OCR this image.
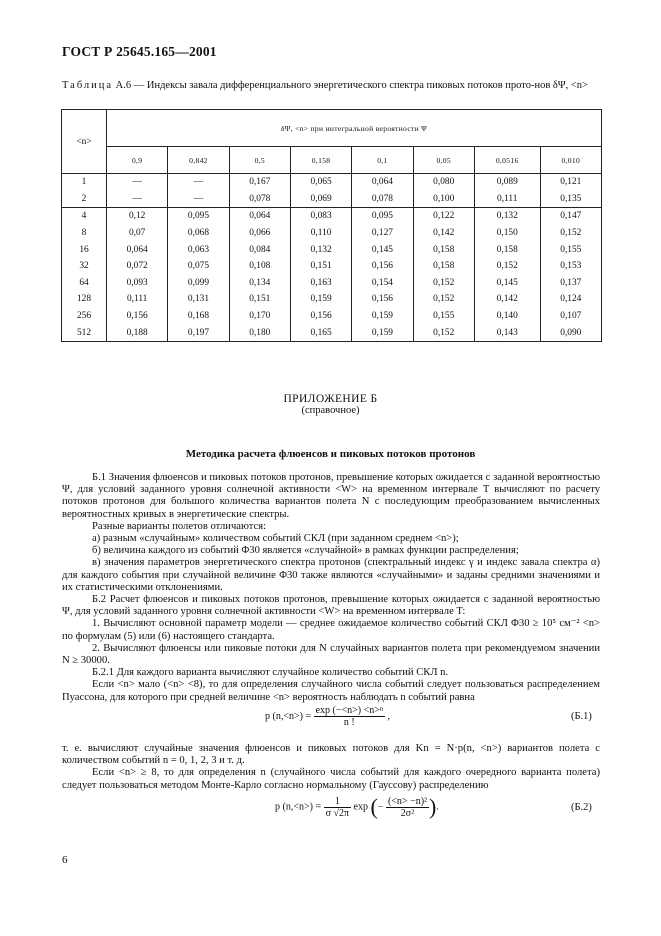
ГОСТ Р 25645.165—2001
Таблица А.6 — Индексы завала дифференциального энергетического спектра пиковых потоков прото-нов δΨ, <n>
<n>	δΨ, <n> при интегральной вероятности Ψ							
	0,9	0,842	0,5	0,158	0,1	0,05	0,0516	0,010
1	—	—	0,167	0,065	0,064	0,080	0,089	0,121
2	—	—	0,078	0,069	0,078	0,100	0,111	0,135
4	0,12	0,095	0,064	0,083	0,095	0,122	0,132	0,147
8	0,07	0,068	0,066	0,110	0,127	0,142	0,150	0,152
16	0,064	0,063	0,084	0,132	0,145	0,158	0,158	0,155
32	0,072	0,075	0,108	0,151	0,156	0,158	0,152	0,153
64	0,093	0,099	0,134	0,163	0,154	0,152	0,145	0,137
128	0,111	0,131	0,151	0,159	0,156	0,152	0,142	0,124
256	0,156	0,168	0,170	0,156	0,159	0,155	0,140	0,107
512	0,188	0,197	0,180	0,165	0,159	0,152	0,143	0,090
ПРИЛОЖЕНИЕ Б
(справочное)
Методика расчета флюенсов и пиковых потоков протонов

Б.1 Значения флюенсов и пиковых потоков протонов, превышение которых ожидается с заданной вероятностью Ψ, для условий заданного уровня солнечной активности <W> на временном интервале T вычисляют по расчету потоков протонов для большого количества вариантов полета N с последующим преобразованием вычисленных вероятностных кривых в энергетические спектры.

Разные варианты полетов отличаются:

а) разным «случайным» количеством событий СКЛ (при заданном среднем <n>);

б) величина каждого из событий Φ30 является «случайной» в рамках функции распределения;

в) значения параметров энергетического спектра протонов (спектральный индекс γ и индекс завала спектра α) для каждого события при случайной величине Φ30 также являются «случайными» и заданы средними значениями и их статистическими отклонениями.

Б.2 Расчет флюенсов и пиковых потоков протонов, превышение которых ожидается с заданной вероятностью Ψ, для условий заданного уровня солнечной активности <W> на временном интервале T:

1. Вычисляют основной параметр модели — среднее ожидаемое количество событий СКЛ Φ30 ≥ 10⁵ см⁻² <n> по формулам (5) или (6) настоящего стандарта.

2. Вычисляют флюенсы или пиковые потоки для N случайных вариантов полета при рекомендуемом значении N ≥ 30000.

Б.2.1 Для каждого варианта вычисляют случайное количество событий СКЛ n.

Если <n> мало (<n> <8), то для определения случайного числа событий следует пользоваться распределением Пуассона, для которого при средней величине <n> вероятность наблюдать n событий равна

p $(n,<n>) = \frac{\text{exp (−<n>) <n>ⁿ}}{n !}$ ,	(Б.1)

т. е. вычисляют случайные значения флюенсов и пиковых потоков для Kn = N·p(n, <n>) вариантов полета с количеством событий n = 0, 1, 2, 3 и т. д.

Если <n> ≥ 8, то для определения n (случайного числа событий для каждого очередного варианта полета) следует пользоваться методом Монте-Карло согласно нормальному (Гауссову) распределению

p $(n,<n>) = \frac{1}{\sigma √2\pi}$ exp (− $\frac{\text{(<n> −n)²}}{\text{2σ²}}$ ).	(Б.2)
6
